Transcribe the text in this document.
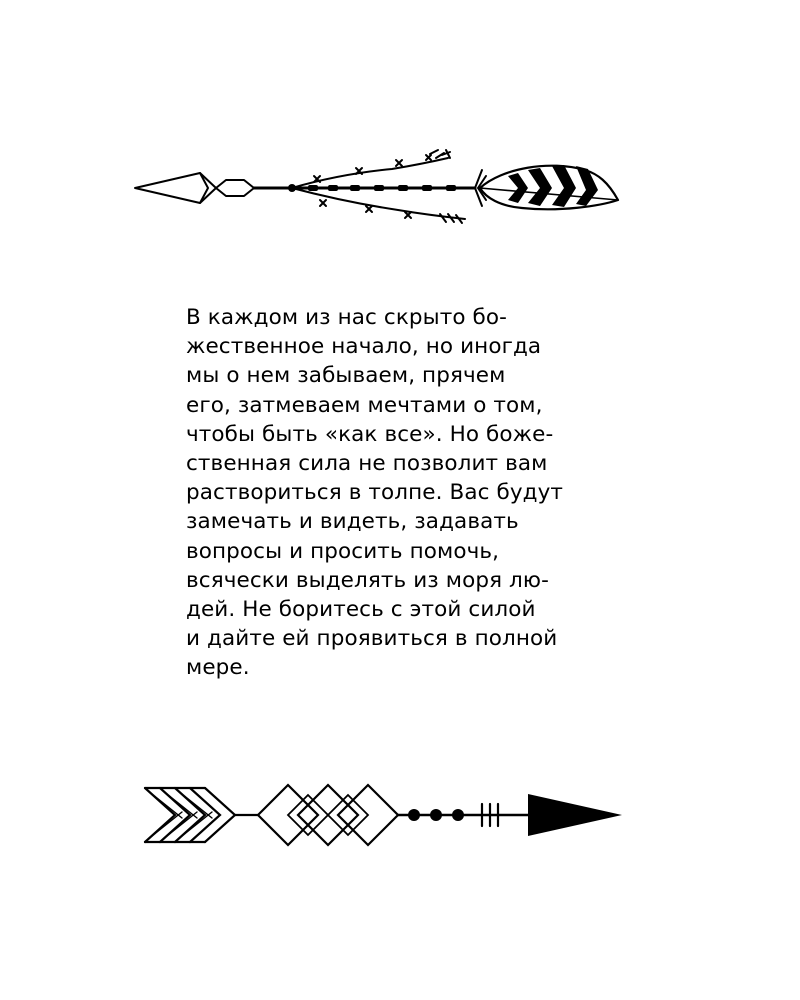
В каждом из нас скрыто бо-
жественное начало, но иногда
мы о нем забываем, прячем
его, затмеваем мечтами о том,
чтобы быть «как все». Но боже-
ственная сила не позволит вам
раствориться в толпе. Вас будут
замечать и видеть, задавать
вопросы и просить помочь,
всячески выделять из моря лю-
дей. Не боритесь с этой силой
и дайте ей проявиться в полной
мере.
